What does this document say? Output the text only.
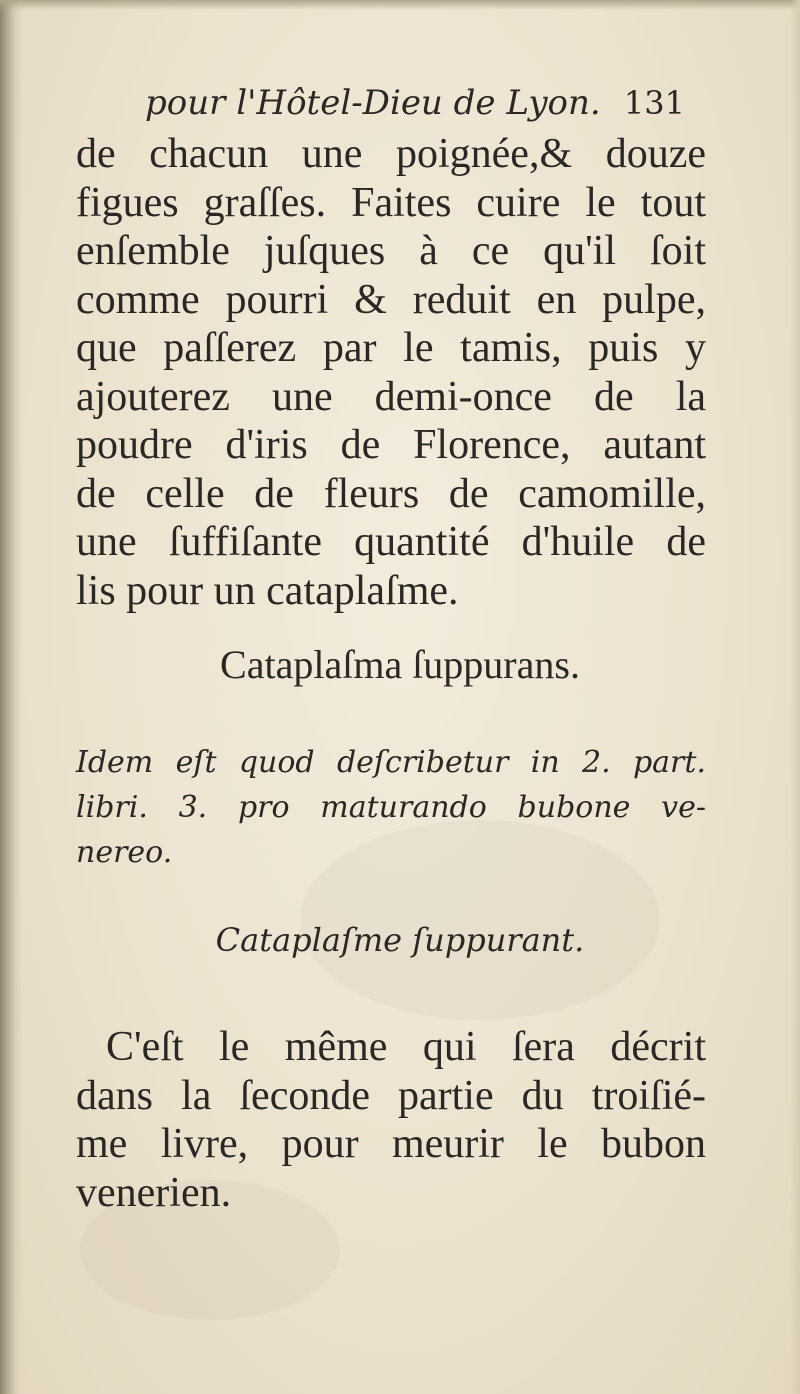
pour l'Hôtel-Dieu de Lyon. 131
de chacun une poignée,& douze
figues graſſes. Faites cuire le tout
enſemble juſques à ce qu'il ſoit
comme pourri & reduit en pulpe,
que paſſerez par le tamis, puis y
ajouterez une demi-once de la
poudre d'iris de Florence, autant
de celle de fleurs de camomille,
une ſuffiſante quantité d'huile de
lis pour un cataplaſme.
Cataplaſma ſuppurans.
Idem eſt quod deſcribetur in 2. part.
libri. 3. pro maturando bubone ve-
nereo.
Cataplaſme ſuppurant.
C'eſt le même qui ſera décrit
dans la ſeconde partie du troiſié-
me livre, pour meurir le bubon
venerien.
